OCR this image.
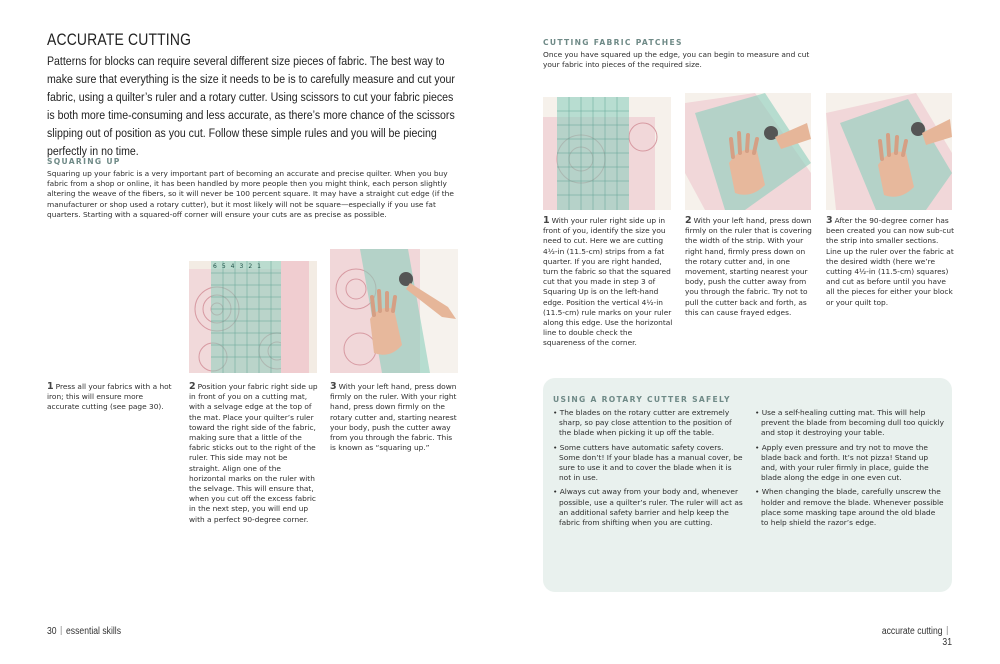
ACCURATE CUTTING
Patterns for blocks can require several different size pieces of fabric. The best way to make sure that everything is the size it needs to be is to carefully measure and cut your fabric, using a quilter’s ruler and a rotary cutter. Using scissors to cut your fabric pieces is both more time-consuming and less accurate, as there’s more chance of the scissors slipping out of position as you cut. Follow these simple rules and you will be piecing perfectly in no time.
SQUARING UP
Squaring up your fabric is a very important part of becoming an accurate and precise quilter. When you buy fabric from a shop or online, it has been handled by more people then you might think, each person slightly altering the weave of the fibers, so it will never be 100 percent square. It may have a straight cut edge (if the manufacturer or shop used a rotary cutter), but it most likely will not be square—especially if you use fat quarters. Starting with a squared-off corner will ensure your cuts are as precise as possible.
654321
1 Press all your fabrics with a hot iron; this will ensure more accurate cutting (see page 30).
2 Position your fabric right side up in front of you on a cutting mat, with a selvage edge at the top of the mat. Place your quilter’s ruler toward the right side of the fabric, making sure that a little of the fabric sticks out to the right of the ruler. This side may not be straight. Align one of the horizontal marks on the ruler with the selvage. This will ensure that, when you cut off the excess fabric in the next step, you will end up with a perfect 90-degree corner.
3 With your left hand, press down firmly on the ruler. With your right hand, press down firmly on the rotary cutter and, starting nearest your body, push the cutter away from you through the fabric. This is known as “squaring up.”
30 essential skills
CUTTING FABRIC PATCHES
Once you have squared up the edge, you can begin to measure and cut your fabric into pieces of the required size.
1 With your ruler right side up in front of you, identify the size you need to cut. Here we are cutting 4½-in (11.5-cm) strips from a fat quarter. If you are right handed, turn the fabric so that the squared cut that you made in step 3 of Squaring Up is on the left-hand edge. Position the vertical 4½-in (11.5-cm) rule marks on your ruler along this edge. Use the horizontal line to double check the squareness of the corner.
2 With your left hand, press down firmly on the ruler that is covering the width of the strip. With your right hand, firmly press down on the rotary cutter and, in one movement, starting nearest your body, push the cutter away from you through the fabric. Try not to pull the cutter back and forth, as this can cause frayed edges.
3 After the 90-degree corner has been created you can now sub-cut the strip into smaller sections. Line up the ruler over the fabric at the desired width (here we’re cutting 4½-in (11.5-cm) squares) and cut as before until you have all the pieces for either your block or your quilt top.
USING A ROTARY CUTTER SAFELY
• The blades on the rotary cutter are extremely sharp, so pay close attention to the position of the blade when picking it up off the table.
• Some cutters have automatic safety covers. Some don’t! If your blade has a manual cover, be sure to use it and to cover the blade when it is not in use.
• Always cut away from your body and, whenever possible, use a quilter’s ruler. The ruler will act as an additional safety barrier and help keep the fabric from shifting when you are cutting.
• Use a self-healing cutting mat. This will help prevent the blade from becoming dull too quickly and stop it destroying your table.
• Apply even pressure and try not to move the blade back and forth. It’s not pizza! Stand up and, with your ruler firmly in place, guide the blade along the edge in one even cut.
• When changing the blade, carefully unscrew the holder and remove the blade. Whenever possible place some masking tape around the old blade to help shield the razor’s edge.
accurate cutting31
